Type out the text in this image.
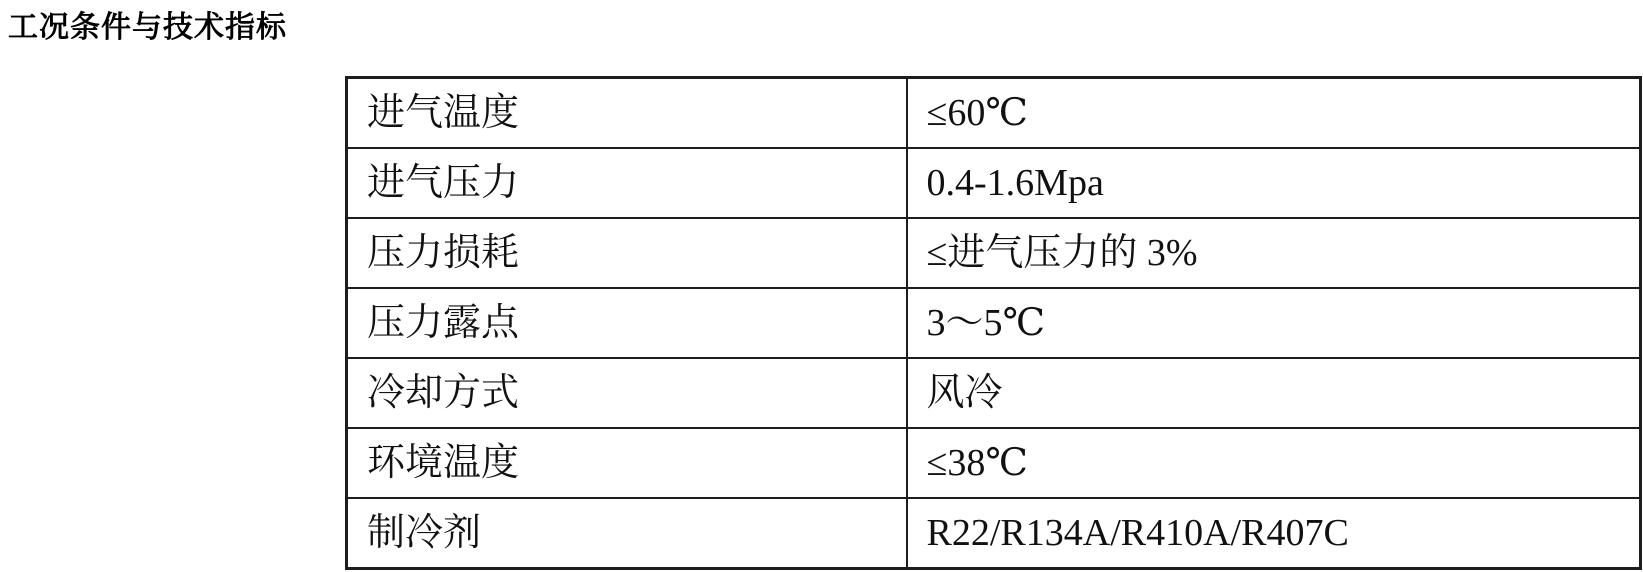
工况条件与技术指标
进气温度	≤60℃
进气压力	0.4-1.6Mpa
压力损耗	≤进气压力的 3%
压力露点	3～5℃
冷却方式	风冷
环境温度	≤38℃
制冷剂	R22/R134A/R410A/R407C
